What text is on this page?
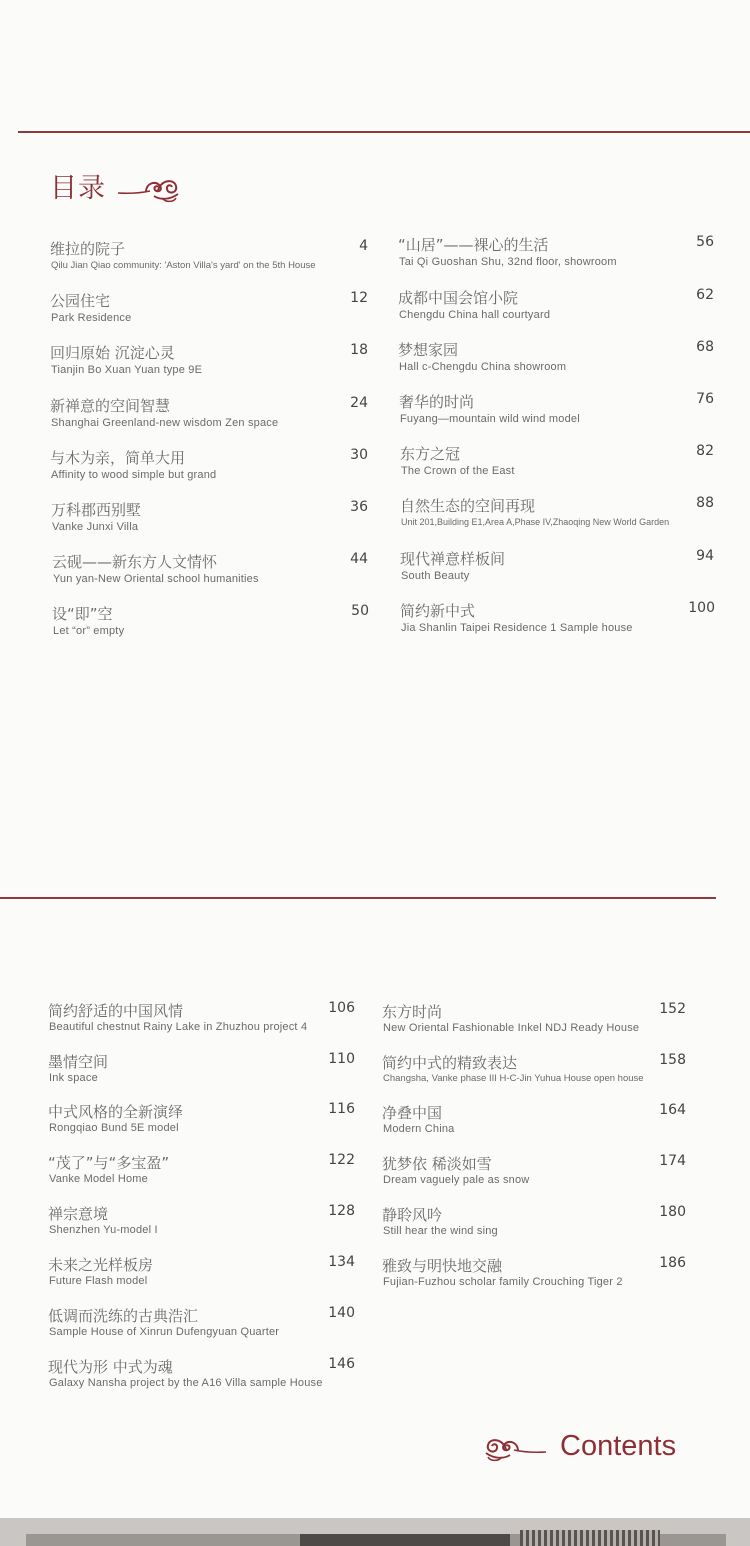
目录
维拉的院子
Qilu Jian Qiao community: 'Aston Villa's yard' on the 5th House
4
公园住宅
Park Residence
12
回归原始 沉淀心灵
Tianjin Bo Xuan Yuan type 9E
18
新禅意的空间智慧
Shanghai Greenland-new wisdom Zen space
24
与木为亲，简单大用
Affinity to wood simple but grand
30
万科郡西别墅
Vanke Junxi Villa
36
云砚——新东方人文情怀
Yun yan-New Oriental school humanities
44
设“即”空
Let “or” empty
50
“山居”——裸心的生活
Tai Qi Guoshan Shu, 32nd floor, showroom
56
成都中国会馆小院
Chengdu China hall courtyard
62
梦想家园
Hall c-Chengdu China showroom
68
奢华的时尚
Fuyang—mountain wild wind model
76
东方之冠
The Crown of the East
82
自然生态的空间再现
Unit 201,Building E1,Area A,Phase IV,Zhaoqing New World Garden
88
现代禅意样板间
South Beauty
94
简约新中式
Jia Shanlin Taipei Residence 1 Sample house
100
简约舒适的中国风情
Beautiful chestnut Rainy Lake in Zhuzhou project 4
106
墨情空间
Ink space
110
中式风格的全新演绎
Rongqiao Bund 5E model
116
“茂了”与“多宝盈”
Vanke Model Home
122
禅宗意境
Shenzhen Yu-model I
128
未来之光样板房
Future Flash model
134
低调而洗练的古典浩汇
Sample House of Xinrun Dufengyuan Quarter
140
现代为形 中式为魂
Galaxy Nansha project by the A16 Villa sample House
146
东方时尚
New Oriental Fashionable Inkel NDJ Ready House
152
简约中式的精致表达
Changsha, Vanke phase III H-C-Jin Yuhua House open house
158
净叠中国
Modern China
164
犹梦依 稀淡如雪
Dream vaguely pale as snow
174
静聆风吟
Still hear the wind sing
180
雅致与明快地交融
Fujian-Fuzhou scholar family Crouching Tiger 2
186
Contents
